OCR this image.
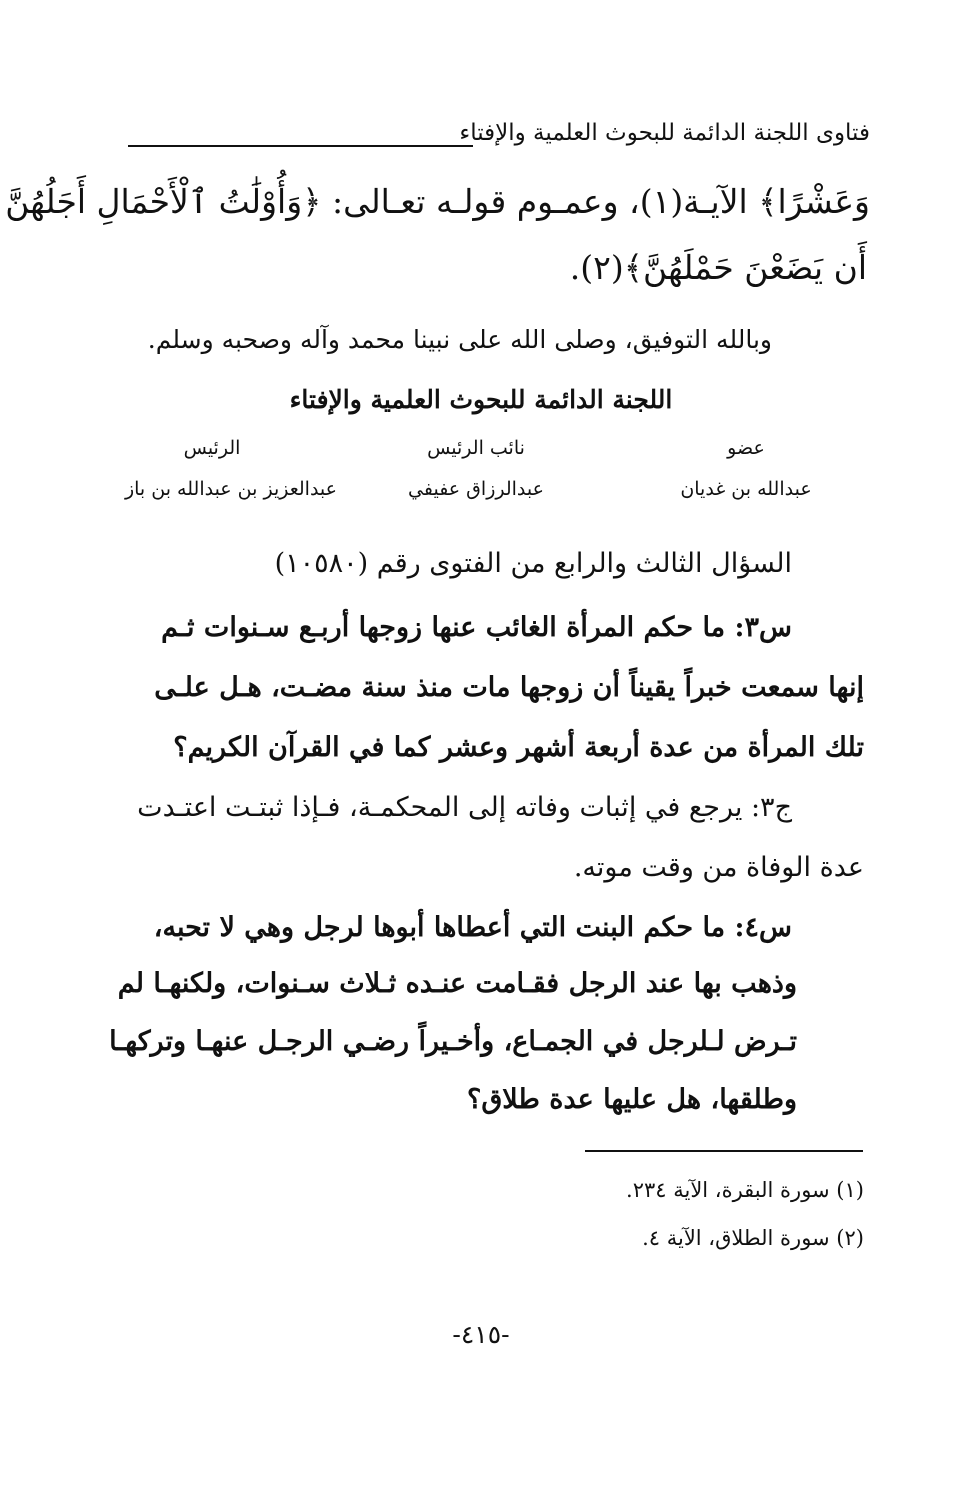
فتاوى اللجنة الدائمة للبحوث العلمية والإفتاء
وَعَشْرًا﴾ الآيـة(١)، وعمـوم قولـه تعـالى: ﴿وَأُوْلَٰتُ ٱلْأَحْمَالِ أَجَلُهُنَّ
أَن يَضَعْنَ حَمْلَهُنَّ﴾(٢).
وبالله التوفيق، وصلى الله على نبينا محمد وآله وصحبه وسلم.
اللجنة الدائمة للبحوث العلمية والإفتاء
عضو
نائب الرئيس
الرئيس
عبدالله بن غديان
عبدالرزاق عفيفي
عبدالعزيز بن عبدالله بن باز
السؤال الثالث والرابع من الفتوى رقم (١٠٥٨٠)
س٣: ما حكم المرأة الغائب عنها زوجها أربـع سـنوات ثـم
إنها سمعت خبراً يقيناً أن زوجها مات منذ سنة مضـت، هـل علـى
تلك المرأة من عدة أربعة أشهر وعشر كما في القرآن الكريم؟
ج٣: يرجع في إثبات وفاته إلى المحكمـة، فـإذا ثبتـت اعتـدت
عدة الوفاة من وقت موته.
س٤: ما حكم البنت التي أعطاها أبوها لرجل وهي لا تحبه،
وذهب بها عند الرجل فقـامت عنـده ثـلاث سـنوات، ولكنهـا لم
تـرض لـلرجل في الجمـاع، وأخـيراً رضـي الرجـل عنهـا وتركهـا
وطلقها، هل عليها عدة طلاق؟
(١) سورة البقرة، الآية ٢٣٤.
(٢) سورة الطلاق، الآية ٤.
-٤١٥-
